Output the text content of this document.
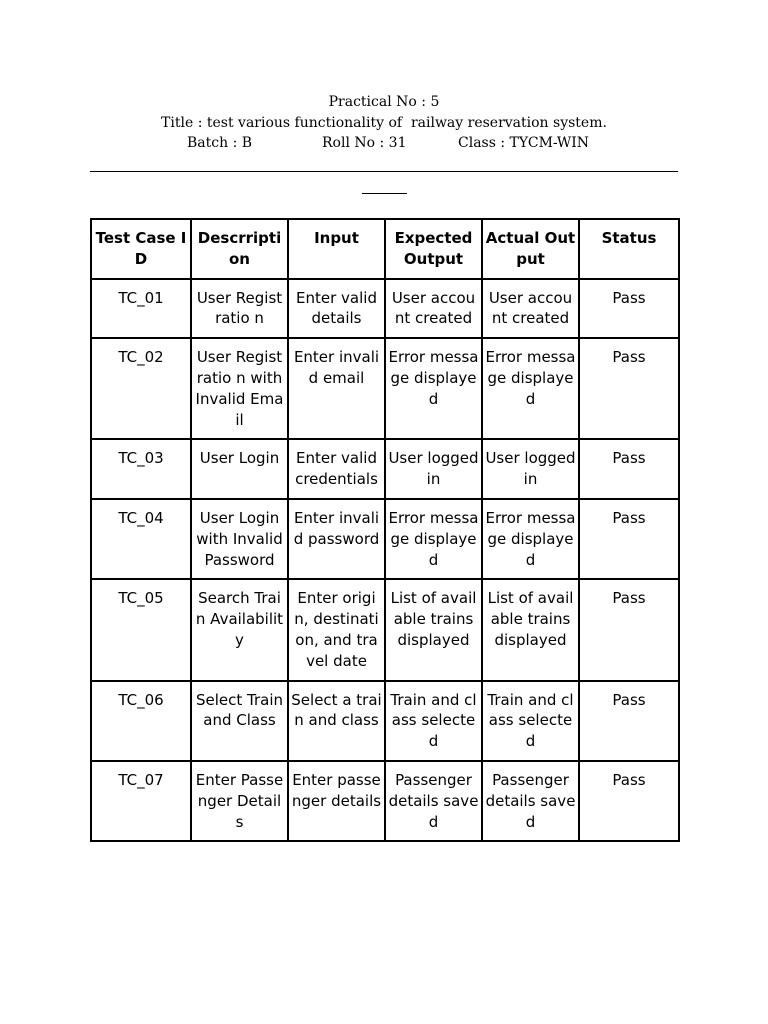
Practical No : 5
Title : test various functionality of  railway reservation system.
Batch : B	Roll No : 31	Class : TYCM-WIN
Test Case ID	Descrripti on	Input	Expected Output	Actual Output	Status
TC_01	User Registratio n	Enter valid details	User account created	User account created	Pass
TC_02	User Registratio n with Invalid Email	Enter invalid email	Error message displayed	Error message displayed	Pass
TC_03	User Login	Enter valid credentials	User logged in	User logged in	Pass
TC_04	User Login with Invalid Password	Enter invalid password	Error message displayed	Error message displayed	Pass
TC_05	Search Train Availability	Enter origin, destination, and travel date	List of available trains displayed	List of available trains displayed	Pass
TC_06	Select Train and Class	Select a train and class	Train and class selected	Train and class selected	Pass
TC_07	Enter Passenger Details	Enter passenger details	Passenger details saved	Passenger details saved	Pass
